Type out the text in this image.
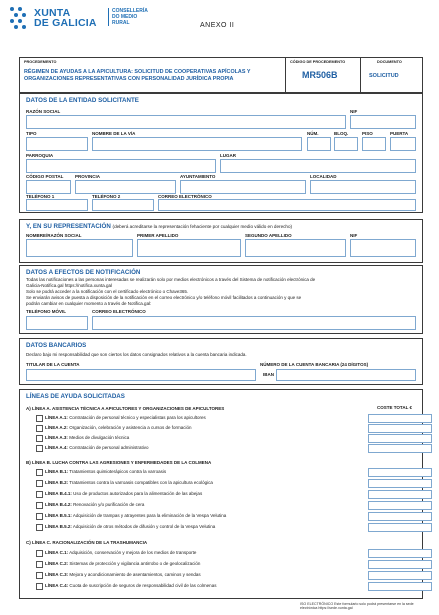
XUNTA
DE GALICIA
CONSELLERÍA
DO MEDIO
RURAL	ANEXO II
PROCEDEMENTO
RÉGIMEN DE AYUDAS A LA APICULTURA: SOLICITUD DE COOPERATIVAS APÍCOLAS Y
ORGANIZACIONES REPRESENTATIVAS CON PERSONALIDAD JURÍDICA PROPIA
CÓDIGO DE PROCEDEMENTO
MR506B
DOCUMENTO
SOLICITUD
DATOS DE LA ENTIDAD SOLICITANTE
RAZÓN SOCIAL	NIF
TIPO	NOMBRE DE LA VÍA	NÚM.	BLOQ.	PISO	PUERTA
PARROQUIA	LUGAR
CÓDIGO POSTAL	PROVINCIA	AYUNTAMIENTO	LOCALIDAD
TELÉFONO 1	TELÉFONO 2	CORREO ELECTRÓNICO
Y, EN SU REPRESENTACIÓN (deberá acreditarse la representación fehaciente por cualquier medio válido en derecho)
NOMBRE/RAZÓN SOCIAL	PRIMER APELLIDO	SEGUNDO APELLIDO	NIF
DATOS A EFECTOS DE NOTIFICACIÓN
Todas las notificaciones a las personas interesadas se realizarán solo por medios electrónicos a través del Sistema de notificación electrónica de
Galicia-Notifica.gal https://notifica.xunta.gal
Solo se podrá acceder a la notificación con el certificado electrónico o Chave365.
Se enviarán avisos de puesta a disposición de la notificación en el correo electrónico y/o teléfono móvil facilitados a continuación y que se
podrán cambiar en cualquier momento a través de Notifica.gal:
TELÉFONO MÓVIL	CORREO ELECTRÓNICO
DATOS BANCARIOS
Declaro bajo mi responsabilidad que son ciertos los datos consignados relativos a la cuenta bancaria indicada.
TITULAR DE LA CUENTA	NÚMERO DE LA CUENTA BANCARIA (24 DÍGITOS)
IBAN
LÍNEAS DE AYUDA SOLICITADAS
COSTE TOTAL €
A) LÍNEA A. ASISTENCIA TÉCNICA A APICULTORES Y ORGANIZACIONES DE APICULTORES
LÍNEA A.1: Contratación de personal técnico y especialistas para los apicultores
LÍNEA A.2: Organización, celebración y asistencia a cursos de formación
LÍNEA A.3: Medios de divulgación técnica
LÍNEA A.4: Contratación de personal administrativo
B) LÍNEA B. LUCHA CONTRA LAS AGRESIONES Y ENFERMEDADES DE LA COLMENA
LÍNEA B.1: Tratamientos quimioterápicos contra la varroasis
LÍNEA B.2: Tratamientos contra la varroasis compatibles con la apicultura ecológica
LÍNEA B.4.1: Uso de productos autorizados para la alimentación de las abejas
LÍNEA B.4.2: Renovación y/o purificación de cera
LÍNEA B.5.1: Adquisición de trampas y atrayentes para la eliminación de la Vespa Velutina
LÍNEA B.5.2: Adquisición de otros métodos de difusión y control de la Vespa Velutina
C) LÍNEA C. RACIONALIZACIÓN DE LA TRASHUMANCIA
LÍNEA C.1: Adquisición, conservación y mejora de los medios de transporte
LÍNEA C.2: Sistemas de protección y vigilancia antirrobo o de geolocalización
LÍNEA C.3: Mejora y acondicionamiento de asentamientos, caminos y sendas
LÍNEA C.4: Cuota de suscripción de seguros de responsabilidad civil de las colmenas
ISO ELECTRÓNICO Este formulario solo podrá presentarse en la sede electrónica https://sede.xunta.gal
